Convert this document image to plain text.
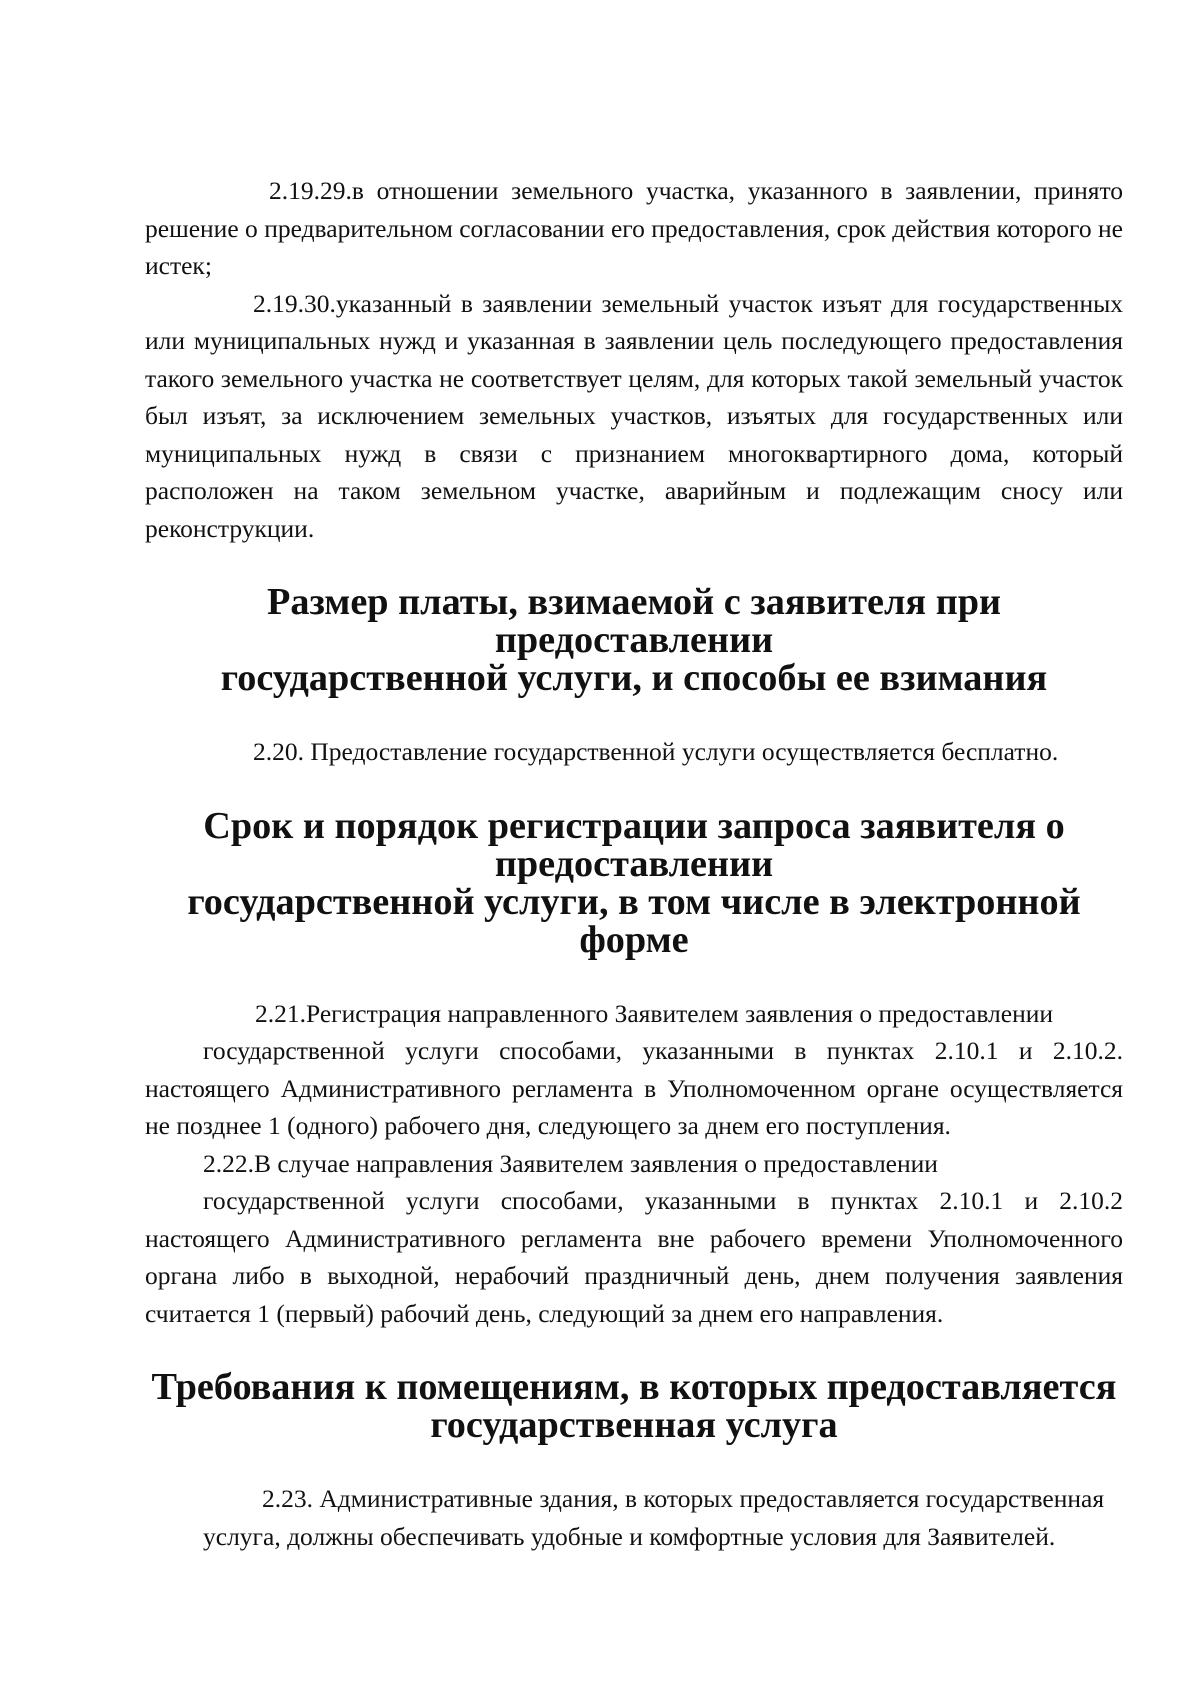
2.19.29.в отношении земельного участка, указанного в заявлении, принято решение о предварительном согласовании его предоставления, срок действия которого не истек;

2.19.30.указанный в заявлении земельный участок изъят для государственных или муниципальных нужд и указанная в заявлении цель последующего предоставления такого земельного участка не соответствует целям, для которых такой земельный участок был изъят, за исключением земельных участков, изъятых для государственных или муниципальных нужд в связи с признанием многоквартирного дома, который расположен на таком земельном участке, аварийным и подлежащим сносу или реконструкции.

Размер платы, взимаемой с заявителя при предоставлении
государственной услуги, и способы ее взимания

2.20. Предоставление государственной услуги осуществляется бесплатно.

Срок и порядок регистрации запроса заявителя о предоставлении
государственной услуги, в том числе в электронной форме

2.21.Регистрация направленного Заявителем заявления о предоставлении

государственной услуги способами, указанными в пунктах 2.10.1 и 2.10.2. настоящего Административного регламента в Уполномоченном органе осуществляется не позднее 1 (одного) рабочего дня, следующего за днем его поступления.

2.22.В случае направления Заявителем заявления о предоставлении

государственной услуги способами, указанными в пунктах 2.10.1 и 2.10.2 настоящего Административного регламента вне рабочего времени Уполномоченного органа либо в выходной, нерабочий праздничный день, днем получения заявления считается 1 (первый) рабочий день, следующий за днем его направления.

Требования к помещениям, в которых предоставляется
государственная услуга

2.23. Административные здания, в которых предоставляется государственная

услуга, должны обеспечивать удобные и комфортные условия для Заявителей.
